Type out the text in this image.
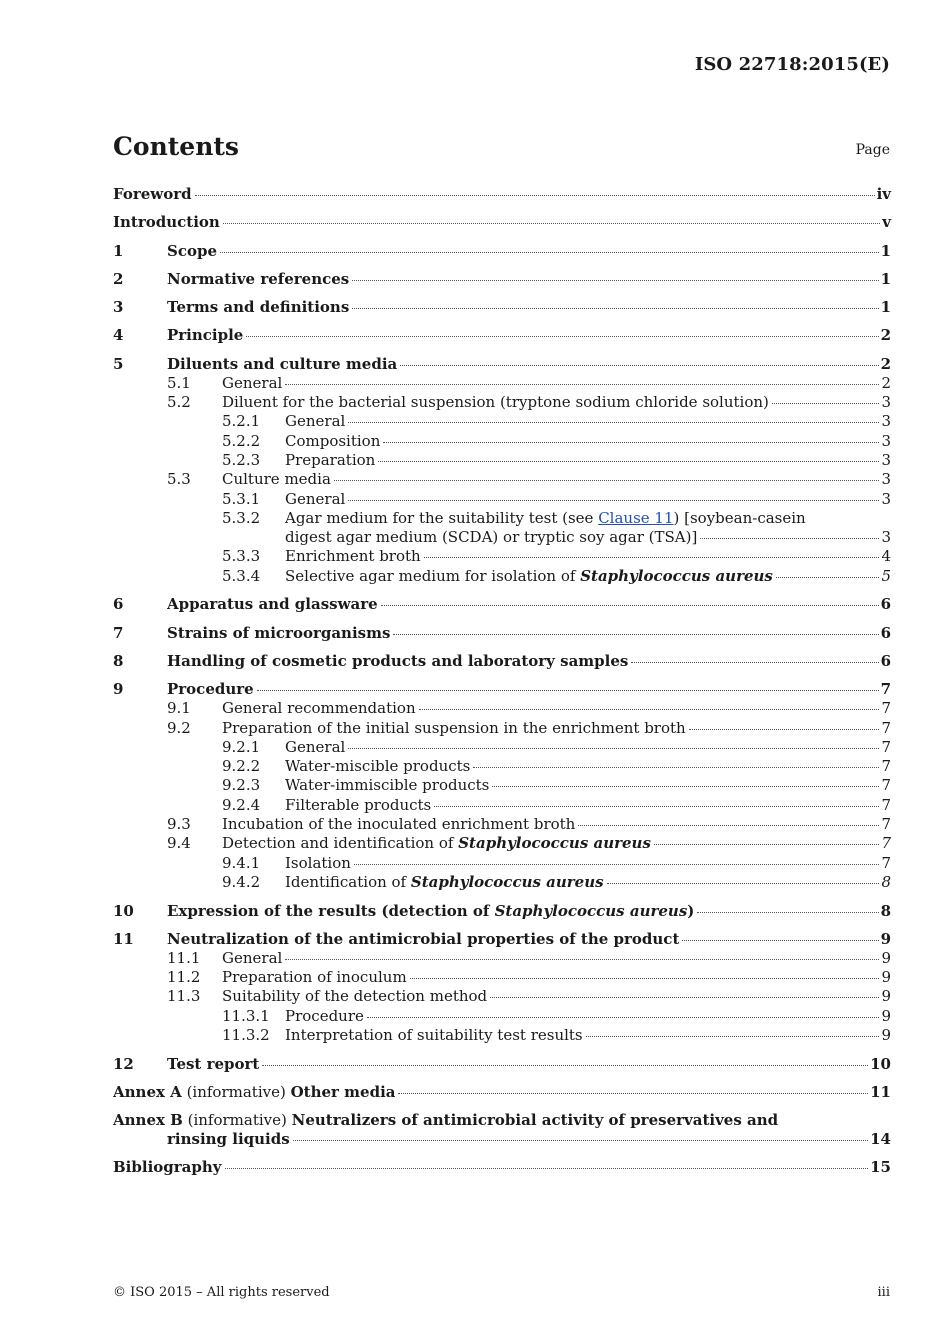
ISO 22718:2015(E)
Contents	Page
Foreword	iv
Introduction	v
1	Scope	1
2	Normative references	1
3	Terms and definitions	1
4	Principle	2
5	Diluents and culture media	2
5.1	General	2
5.2	Diluent for the bacterial suspension (tryptone sodium chloride solution)	3
5.2.1	General	3
5.2.2	Composition	3
5.2.3	Preparation	3
5.3	Culture media	3
5.3.1	General	3
5.3.2	Agar medium for the suitability test (see Clause 11) [soybean-casein
digest agar medium (SCDA) or tryptic soy agar (TSA)]	3
5.3.3	Enrichment broth	4
5.3.4	Selective agar medium for isolation of Staphylococcus aureus	5
6	Apparatus and glassware	6
7	Strains of microorganisms	6
8	Handling of cosmetic products and laboratory samples	6
9	Procedure	7
9.1	General recommendation	7
9.2	Preparation of the initial suspension in the enrichment broth	7
9.2.1	General	7
9.2.2	Water-miscible products	7
9.2.3	Water-immiscible products	7
9.2.4	Filterable products	7
9.3	Incubation of the inoculated enrichment broth	7
9.4	Detection and identification of Staphylococcus aureus	7
9.4.1	Isolation	7
9.4.2	Identification of Staphylococcus aureus	8
10	Expression of the results (detection of Staphylococcus aureus)	8
11	Neutralization of the antimicrobial properties of the product	9
11.1	General	9
11.2	Preparation of inoculum	9
11.3	Suitability of the detection method	9
11.3.1	Procedure	9
11.3.2	Interpretation of suitability test results	9
12	Test report	10
Annex A (informative) Other media	11
Annex B (informative) Neutralizers of antimicrobial activity of preservatives and
rinsing liquids	14
Bibliography	15
© ISO 2015 – All rights reserved	iii
